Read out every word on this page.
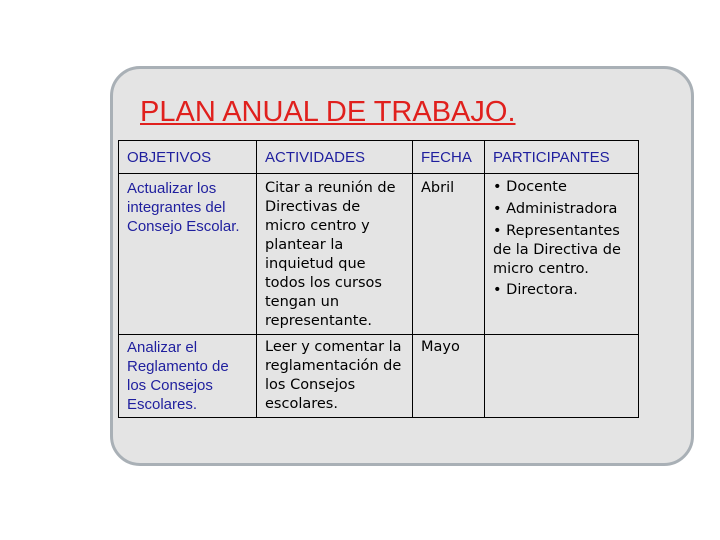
PLAN ANUAL DE TRABAJO.
OBJETIVOS	ACTIVIDADES	FECHA	PARTICIPANTES
Actualizar los integrantes del Consejo Escolar.	Citar a reunión de Directivas de micro centro y plantear la inquietud que todos los cursos tengan un representante.	Abril	• Docente
• Administradora
• Representantes de la Directiva de micro centro.
• Directora.

Analizar el Reglamento de los Consejos Escolares.	Leer y comentar la reglamentación de los Consejos escolares.	Mayo	
